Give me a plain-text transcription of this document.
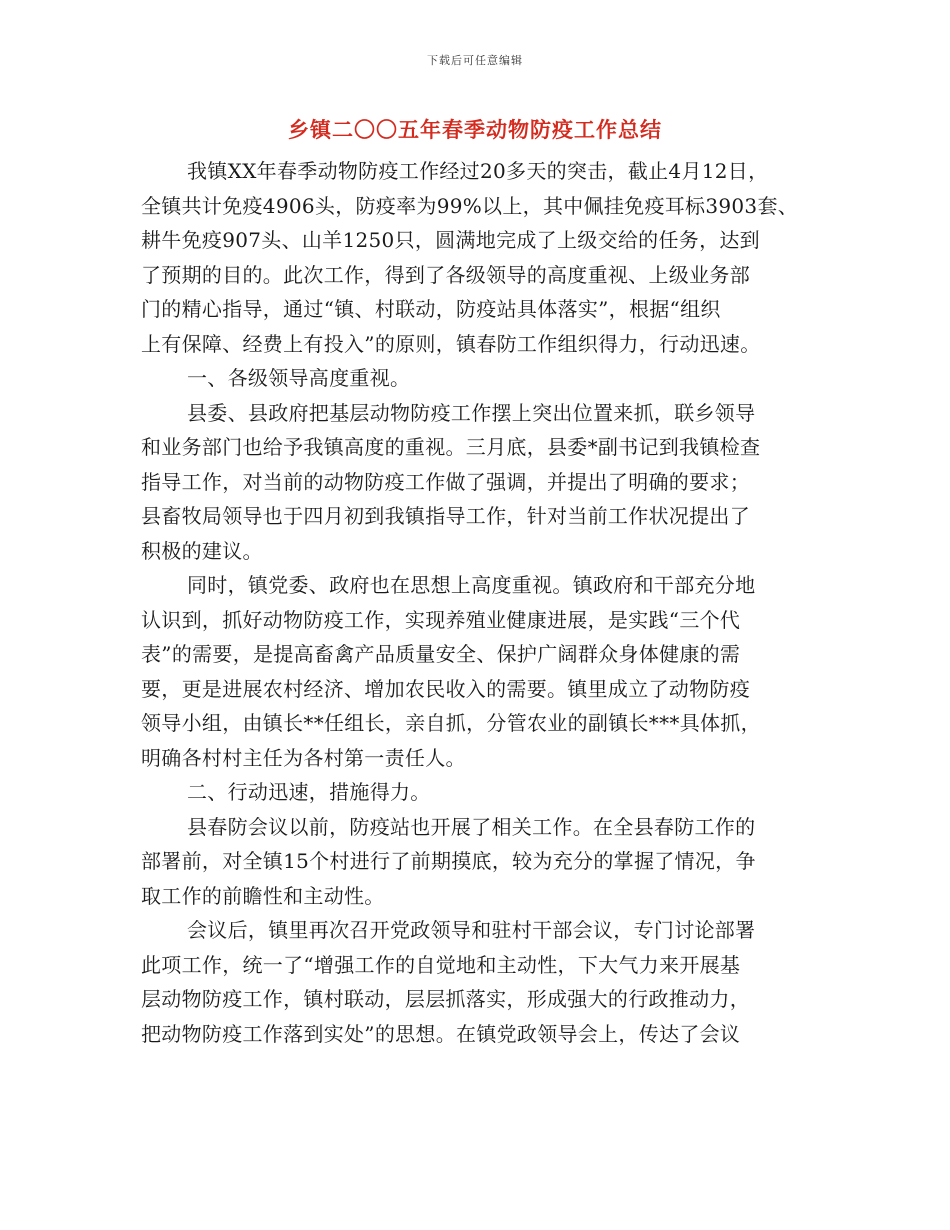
下载后可任意编辑
乡镇二〇〇五年春季动物防疫工作总结
我镇XX年春季动物防疫工作经过20多天的突击，截止4月12日，
全镇共计免疫4906头，防疫率为99%以上，其中佩挂免疫耳标3903套、
耕牛免疫907头、山羊1250只，圆满地完成了上级交给的任务，达到
了预期的目的。此次工作，得到了各级领导的高度重视、上级业务部
门的精心指导，通过“镇、村联动，防疫站具体落实”，根据“组织
上有保障、经费上有投入”的原则，镇春防工作组织得力，行动迅速。
一、各级领导高度重视。
县委、县政府把基层动物防疫工作摆上突出位置来抓，联乡领导
和业务部门也给予我镇高度的重视。三月底，县委*副书记到我镇检查
指导工作，对当前的动物防疫工作做了强调，并提出了明确的要求；
县畜牧局领导也于四月初到我镇指导工作，针对当前工作状况提出了
积极的建议。
同时，镇党委、政府也在思想上高度重视。镇政府和干部充分地
认识到，抓好动物防疫工作，实现养殖业健康进展，是实践“三个代
表”的需要，是提高畜禽产品质量安全、保护广阔群众身体健康的需
要，更是进展农村经济、增加农民收入的需要。镇里成立了动物防疫
领导小组，由镇长**任组长，亲自抓，分管农业的副镇长***具体抓，
明确各村村主任为各村第一责任人。
二、行动迅速，措施得力。
县春防会议以前，防疫站也开展了相关工作。在全县春防工作的
部署前，对全镇15个村进行了前期摸底，较为充分的掌握了情况，争
取工作的前瞻性和主动性。
会议后，镇里再次召开党政领导和驻村干部会议，专门讨论部署
此项工作，统一了“增强工作的自觉地和主动性，下大气力来开展基
层动物防疫工作，镇村联动，层层抓落实，形成强大的行政推动力，
把动物防疫工作落到实处”的思想。在镇党政领导会上，传达了会议
